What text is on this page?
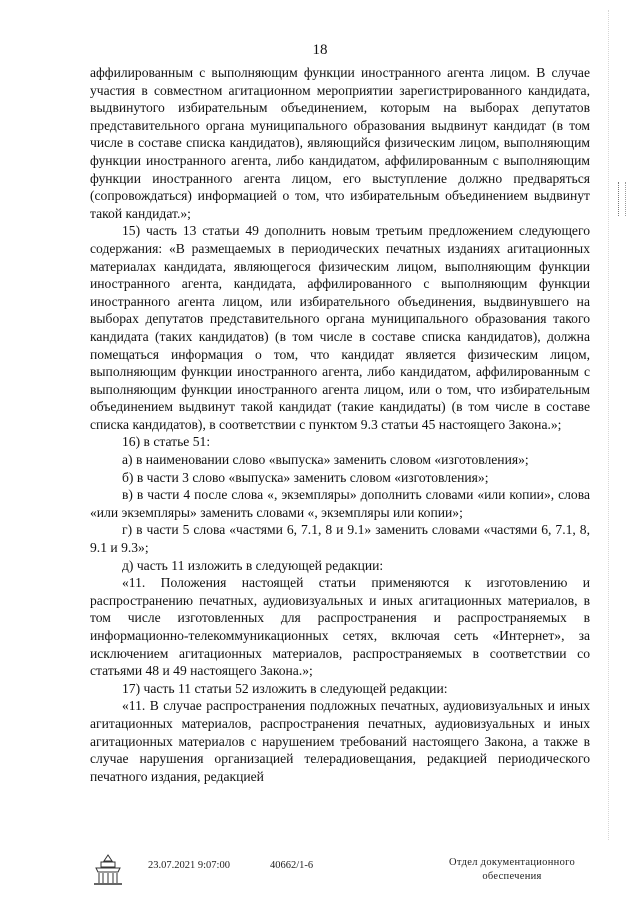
18

аффилированным с выполняющим функции иностранного агента лицом. В случае участия в совместном агитационном мероприятии зарегистрированного кандидата, выдвинутого избирательным объединением, которым на выборах депутатов представительного органа муниципального образования выдвинут кандидат (в том числе в составе списка кандидатов), являющийся физическим лицом, выполняющим функции иностранного агента, либо кандидатом, аффилированным с выполняющим функции иностранного агента лицом, его выступление должно предваряться (сопровождаться) информацией о том, что избирательным объединением выдвинут такой кандидат.»;

15) часть 13 статьи 49 дополнить новым третьим предложением следующего содержания: «В размещаемых в периодических печатных изданиях агитационных материалах кандидата, являющегося физическим лицом, выполняющим функции иностранного агента, кандидата, аффилированного с выполняющим функции иностранного агента лицом, или избирательного объединения, выдвинувшего на выборах депутатов представительного органа муниципального образования такого кандидата (таких кандидатов) (в том числе в составе списка кандидатов), должна помещаться информация о том, что кандидат является физическим лицом, выполняющим функции иностранного агента, либо кандидатом, аффилированным с выполняющим функции иностранного агента лицом, или о том, что избирательным объединением выдвинут такой кандидат (такие кандидаты) (в том числе в составе списка кандидатов), в соответствии с пунктом 9.3 статьи 45 настоящего Закона.»;

16) в статье 51:

а) в наименовании слово «выпуска» заменить словом «изготовления»;

б) в части 3 слово «выпуска» заменить словом «изготовления»;

в) в части 4 после слова «, экземпляры» дополнить словами «или копии», слова «или экземпляры» заменить словами «, экземпляры или копии»;

г) в части 5 слова «частями 6, 7.1, 8 и 9.1» заменить словами «частями 6, 7.1, 8, 9.1 и 9.3»;

д) часть 11 изложить в следующей редакции:

«11. Положения настоящей статьи применяются к изготовлению и распространению печатных, аудиовизуальных и иных агитационных материалов, в том числе изготовленных для распространения и распространяемых в информационно-телекоммуникационных сетях, включая сеть «Интернет», за исключением агитационных материалов, распространяемых в соответствии со статьями 48 и 49 настоящего Закона.»;

17) часть 11 статьи 52 изложить в следующей редакции:

«11. В случае распространения подложных печатных, аудиовизуальных и иных агитационных материалов, распространения печатных, аудиовизуальных и иных агитационных материалов с нарушением требований настоящего Закона, а также в случае нарушения организацией телерадиовещания, редакцией периодического печатного издания, редакцией

23.07.2021 9:07:00	40662/1-6	Отдел документационного
обеспечения
